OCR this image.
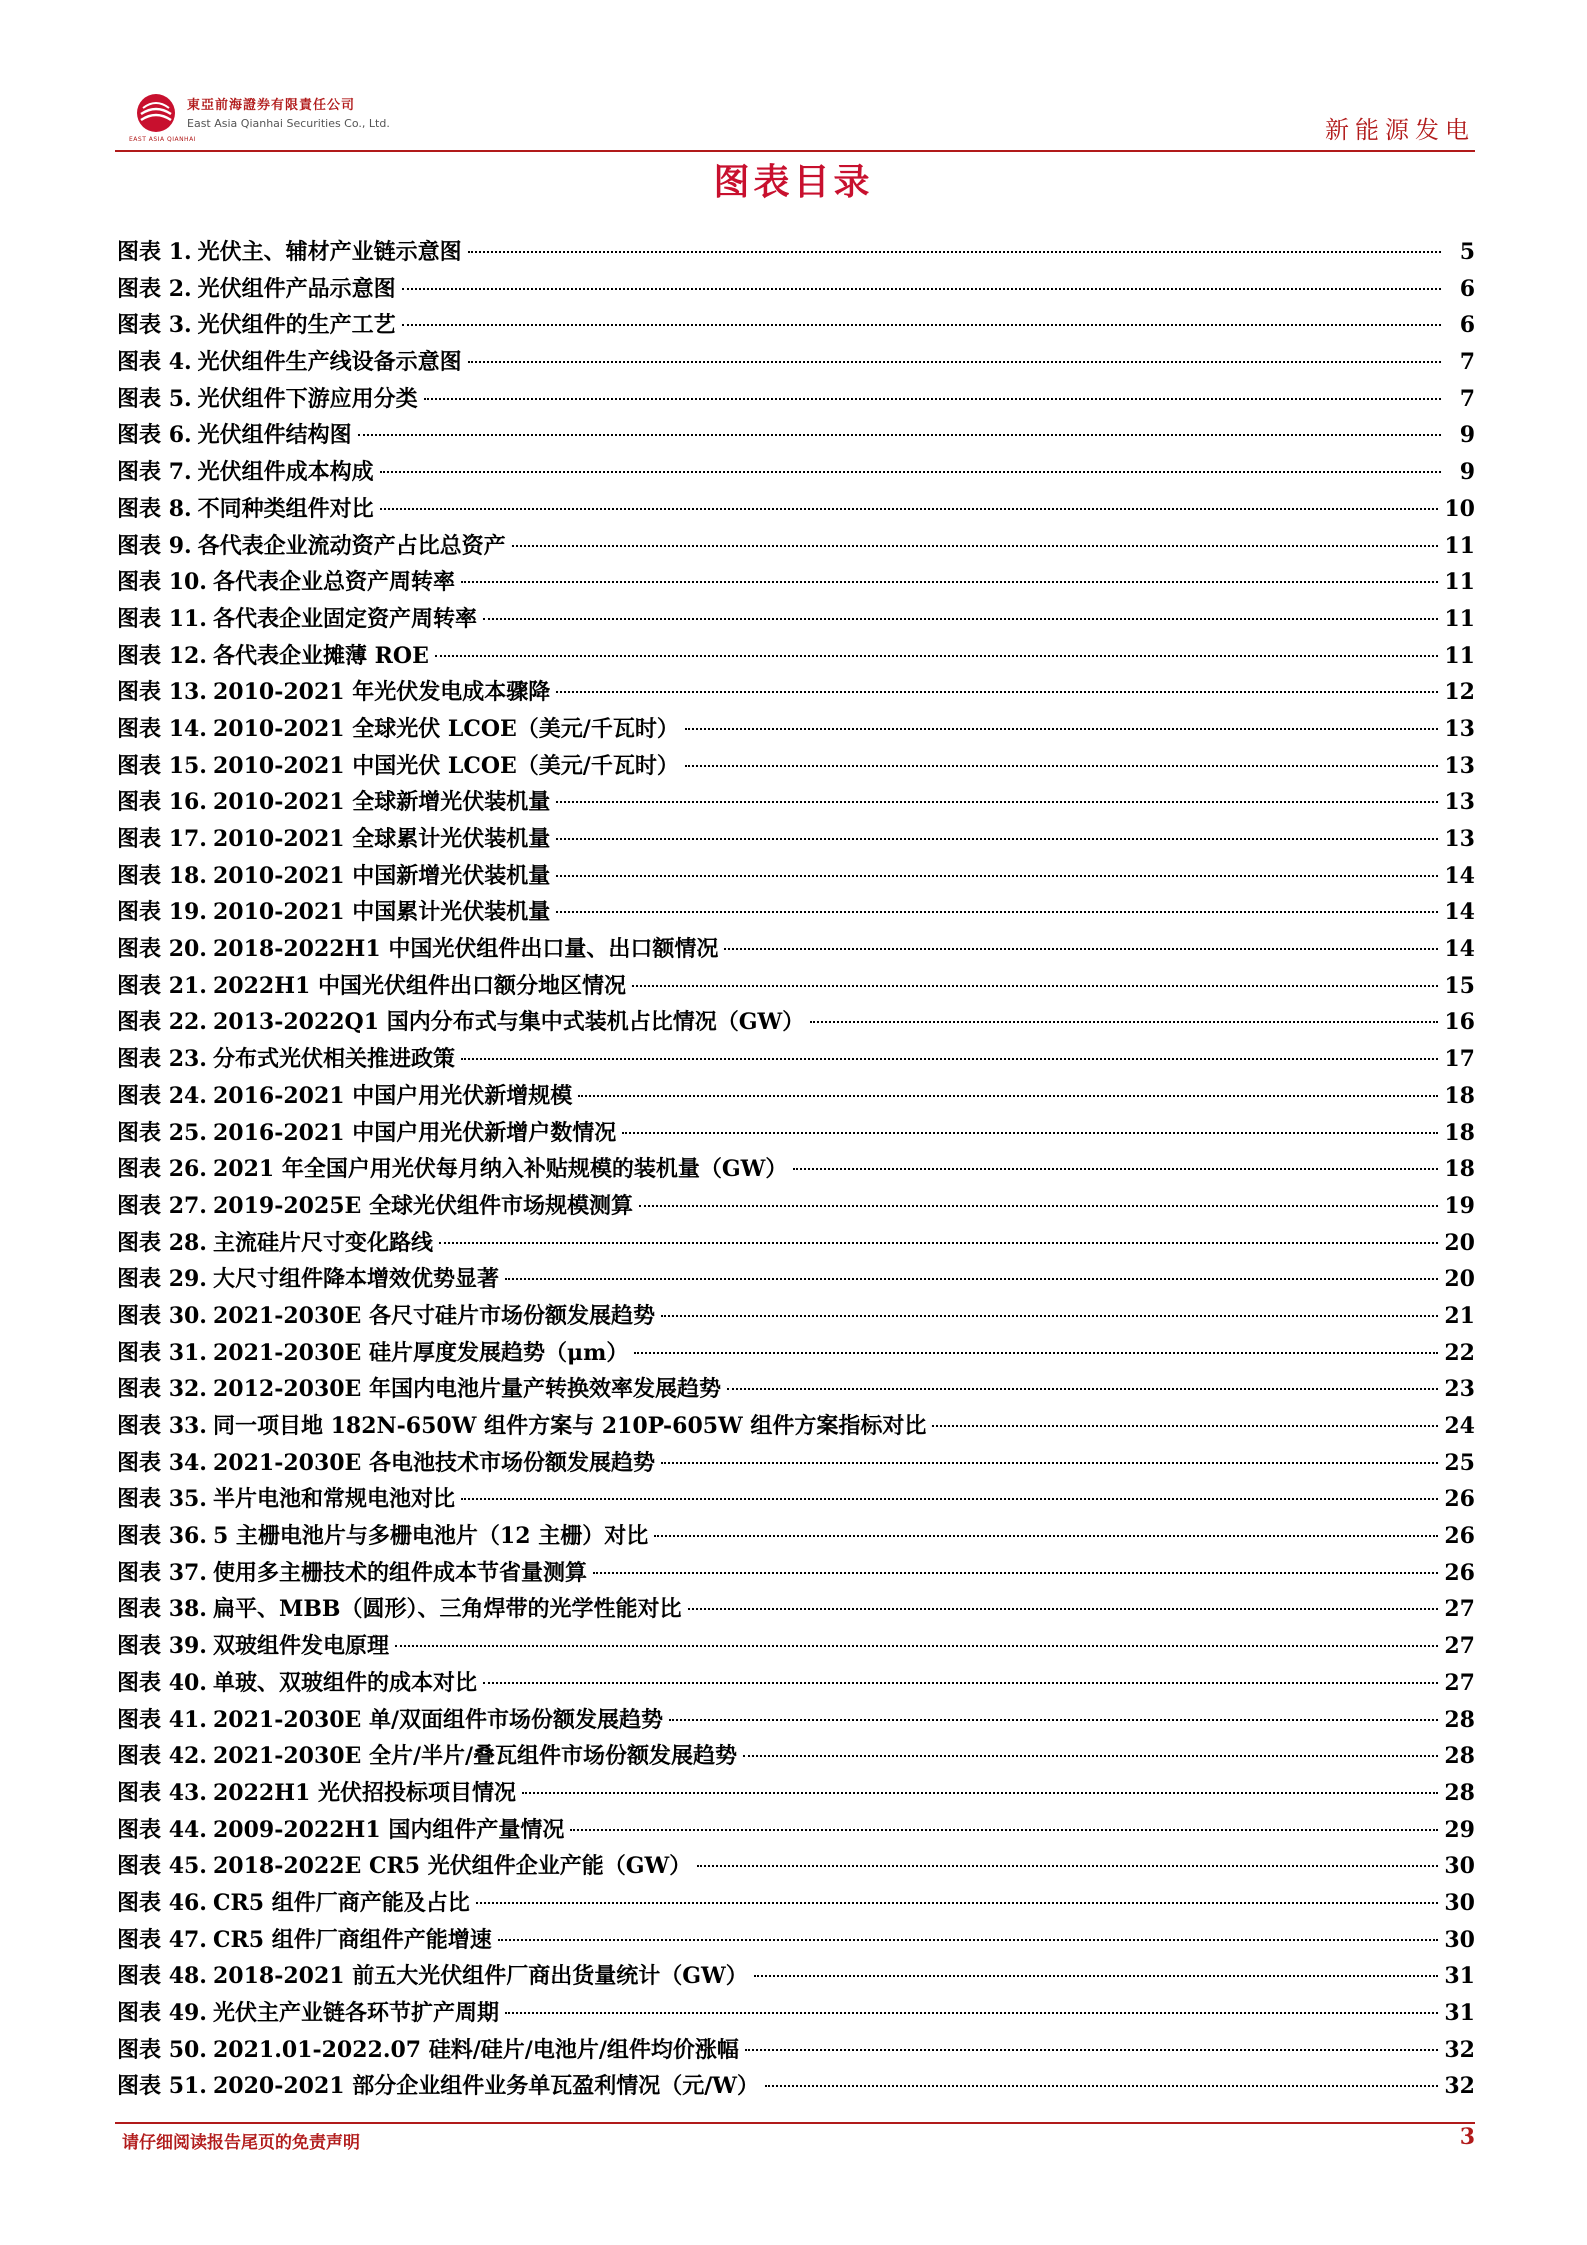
EAST ASIA QIANHAI
東亞前海證券有限責任公司
East Asia Qianhai Securities Co., Ltd.	新能源发电
图表目录
图表 1. 光伏主、辅材产业链示意图	5
图表 2. 光伏组件产品示意图	6
图表 3. 光伏组件的生产工艺	6
图表 4. 光伏组件生产线设备示意图	7
图表 5. 光伏组件下游应用分类	7
图表 6. 光伏组件结构图	9
图表 7. 光伏组件成本构成	9
图表 8. 不同种类组件对比	10
图表 9. 各代表企业流动资产占比总资产	11
图表 10. 各代表企业总资产周转率	11
图表 11. 各代表企业固定资产周转率	11
图表 12. 各代表企业摊薄 ROE	11
图表 13. 2010-2021 年光伏发电成本骤降	12
图表 14. 2010-2021 全球光伏 LCOE（美元/千瓦时）	13
图表 15. 2010-2021 中国光伏 LCOE（美元/千瓦时）	13
图表 16. 2010-2021 全球新增光伏装机量	13
图表 17. 2010-2021 全球累计光伏装机量	13
图表 18. 2010-2021 中国新增光伏装机量	14
图表 19. 2010-2021 中国累计光伏装机量	14
图表 20. 2018-2022H1 中国光伏组件出口量、出口额情况	14
图表 21. 2022H1 中国光伏组件出口额分地区情况	15
图表 22. 2013-2022Q1 国内分布式与集中式装机占比情况（GW）	16
图表 23. 分布式光伏相关推进政策	17
图表 24. 2016-2021 中国户用光伏新增规模	18
图表 25. 2016-2021 中国户用光伏新增户数情况	18
图表 26. 2021 年全国户用光伏每月纳入补贴规模的装机量（GW）	18
图表 27. 2019-2025E 全球光伏组件市场规模测算	19
图表 28. 主流硅片尺寸变化路线	20
图表 29. 大尺寸组件降本增效优势显著	20
图表 30. 2021-2030E 各尺寸硅片市场份额发展趋势	21
图表 31. 2021-2030E 硅片厚度发展趋势（μm）	22
图表 32. 2012-2030E 年国内电池片量产转换效率发展趋势	23
图表 33. 同一项目地 182N-650W 组件方案与 210P-605W 组件方案指标对比	24
图表 34. 2021-2030E 各电池技术市场份额发展趋势	25
图表 35. 半片电池和常规电池对比	26
图表 36. 5 主栅电池片与多栅电池片（12 主栅）对比	26
图表 37. 使用多主栅技术的组件成本节省量测算	26
图表 38. 扁平、MBB（圆形）、三角焊带的光学性能对比	27
图表 39. 双玻组件发电原理	27
图表 40. 单玻、双玻组件的成本对比	27
图表 41. 2021-2030E 单/双面组件市场份额发展趋势	28
图表 42. 2021-2030E 全片/半片/叠瓦组件市场份额发展趋势	28
图表 43. 2022H1 光伏招投标项目情况	28
图表 44. 2009-2022H1 国内组件产量情况	29
图表 45. 2018-2022E CR5 光伏组件企业产能（GW）	30
图表 46. CR5 组件厂商产能及占比	30
图表 47. CR5 组件厂商组件产能增速	30
图表 48. 2018-2021 前五大光伏组件厂商出货量统计（GW）	31
图表 49. 光伏主产业链各环节扩产周期	31
图表 50. 2021.01-2022.07 硅料/硅片/电池片/组件均价涨幅	32
图表 51. 2020-2021 部分企业组件业务单瓦盈利情况（元/W）	32
请仔细阅读报告尾页的免责声明	3
